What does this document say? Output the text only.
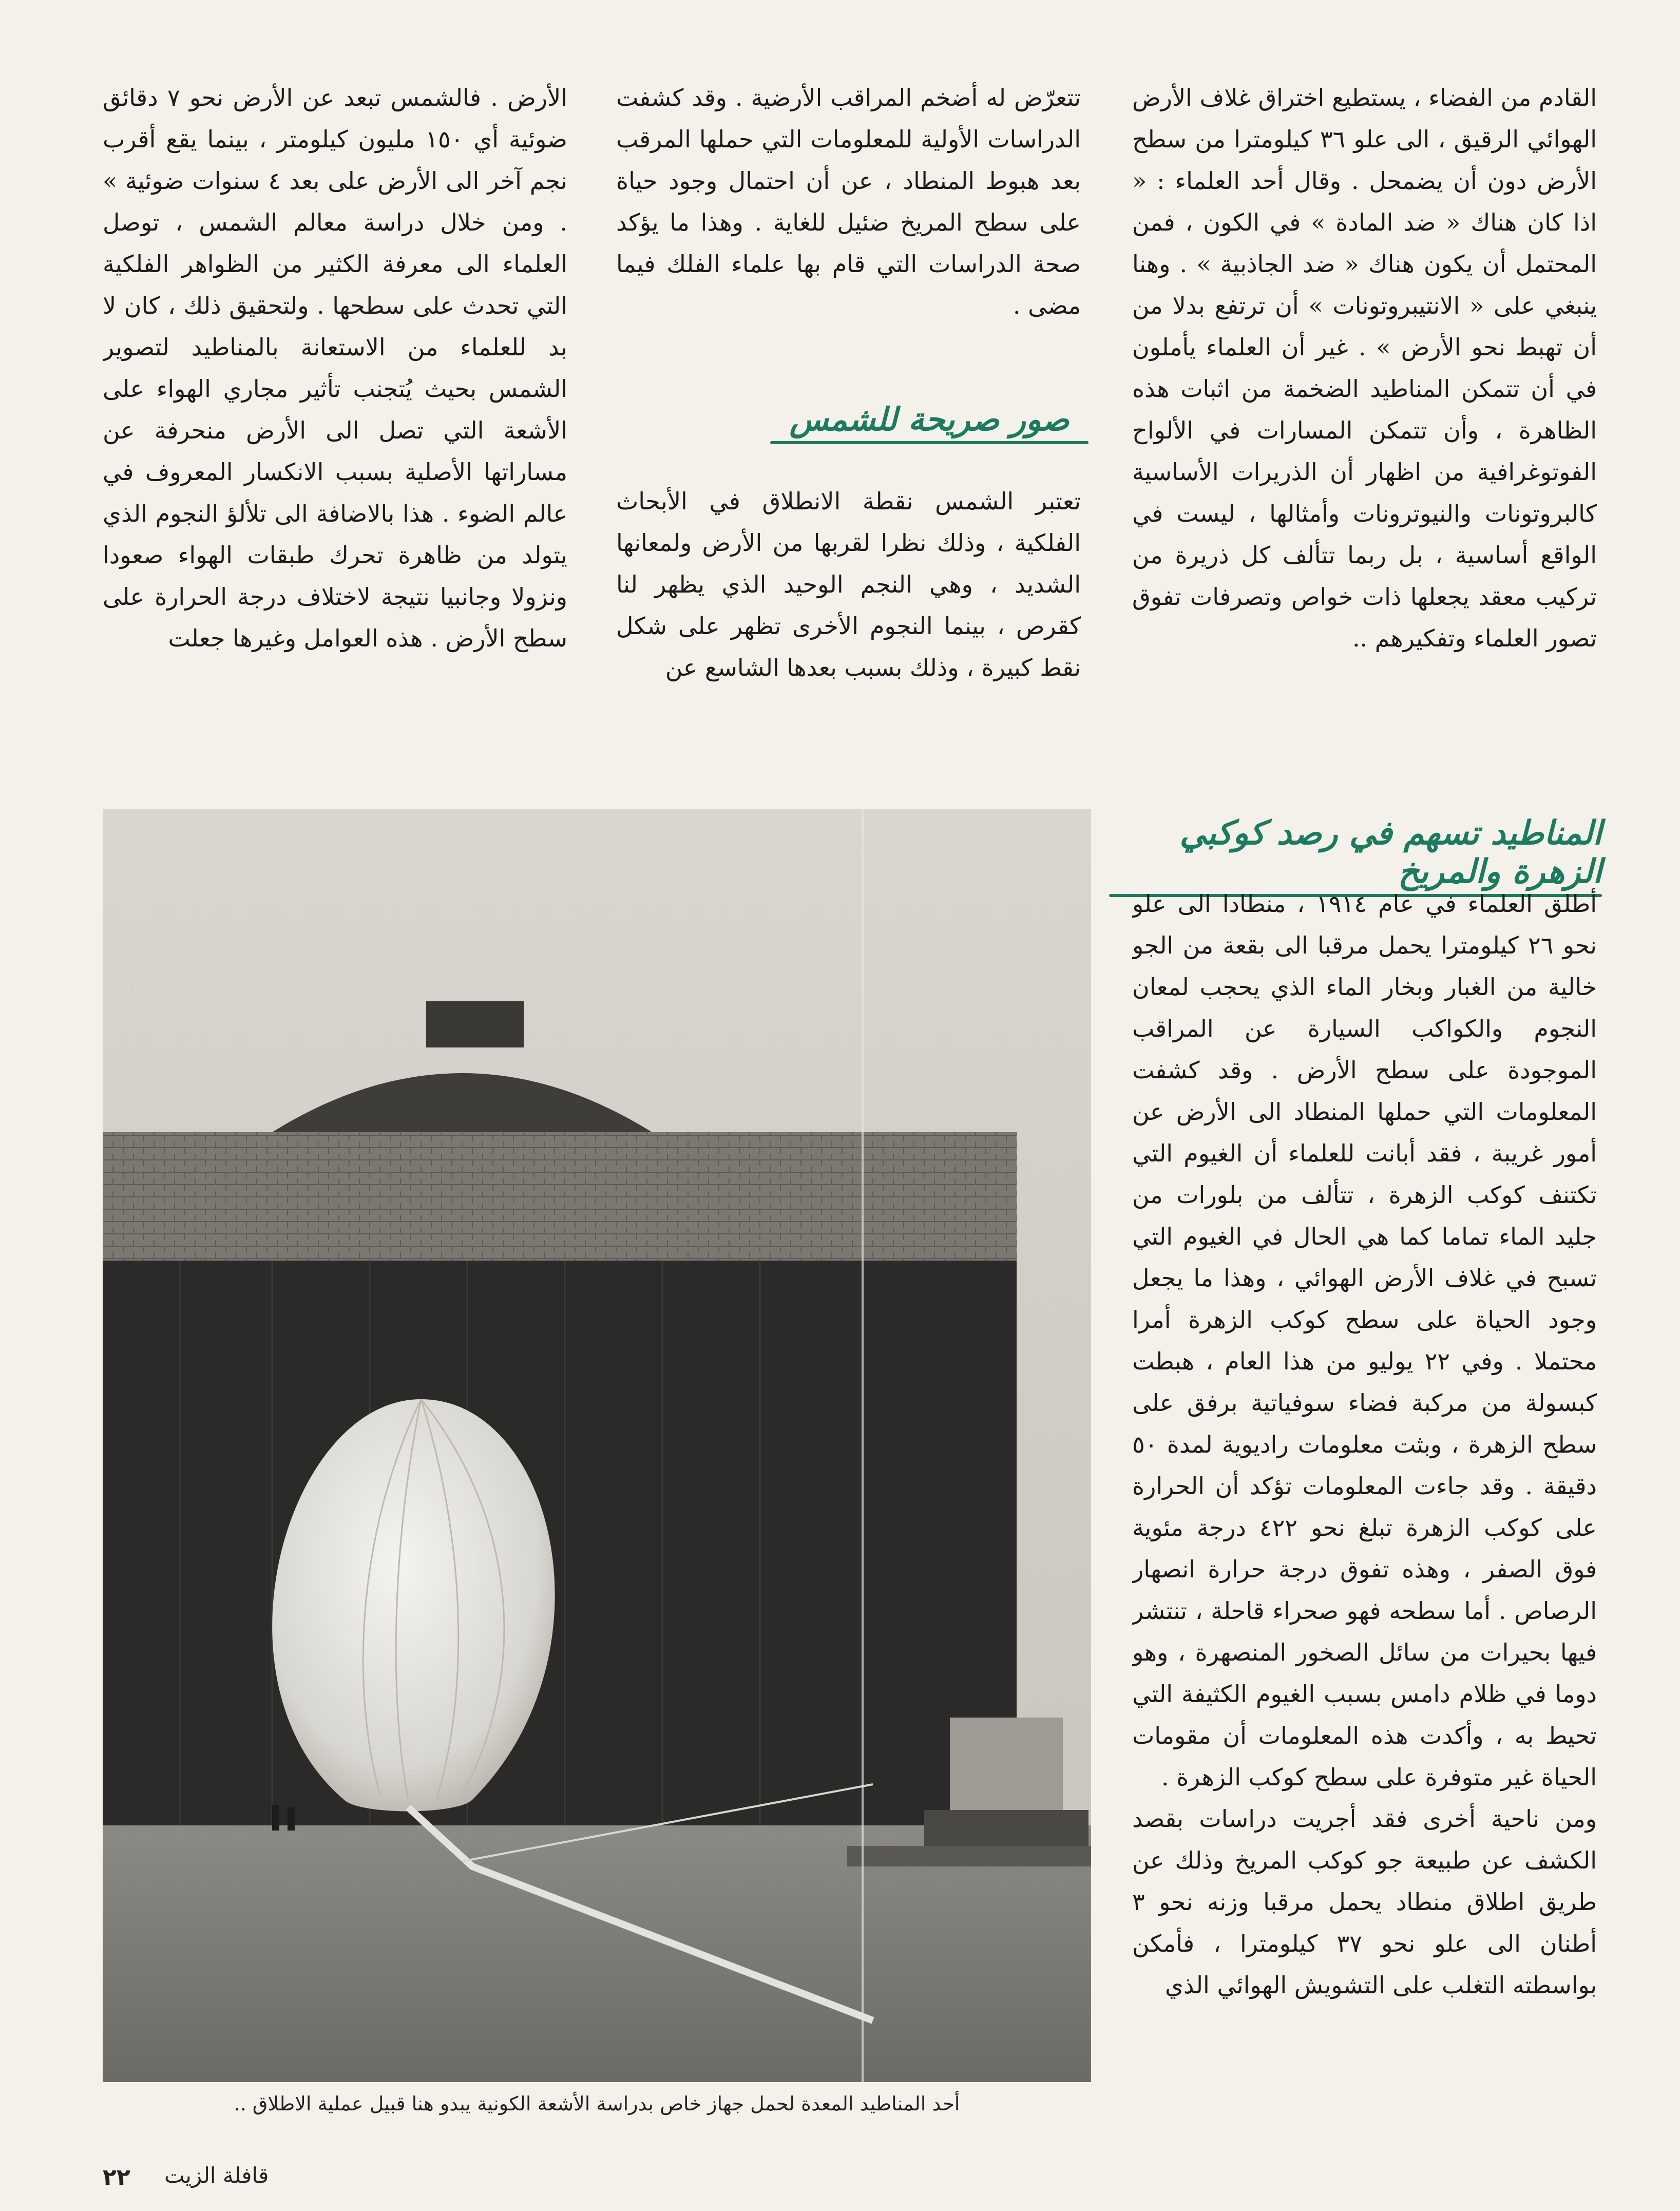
القادم من الفضاء ، يستطيع اختراق غلاف الأرض الهوائي الرقيق ، الى علو ٣٦ كيلومترا من سطح الأرض دون أن يضمحل . وقال أحد العلماء : « اذا كان هناك « ضد المادة » في الكون ، فمن المحتمل أن يكون هناك « ضد الجاذبية » . وهنا ينبغي على « الانتيبروتونات » أن ترتفع بدلا من أن تهبط نحو الأرض » . غير أن العلماء يأملون في أن تتمكن المناطيد الضخمة من اثبات هذه الظاهرة ، وأن تتمكن المسارات في الألواح الفوتوغرافية من اظهار أن الذريرات الأساسية كالبروتونات والنيوترونات وأمثالها ، ليست في الواقع أساسية ، بل ربما تتألف كل ذريرة من تركيب معقد يجعلها ذات خواص وتصرفات تفوق تصور العلماء وتفكيرهم ..

تتعرّض له أضخم المراقب الأرضية . وقد كشفت الدراسات الأولية للمعلومات التي حملها المرقب بعد هبوط المنطاد ، عن أن احتمال وجود حياة على سطح المريخ ضئيل للغاية . وهذا ما يؤكد صحة الدراسات التي قام بها علماء الفلك فيما مضى .

تعتبر الشمس نقطة الانطلاق في الأبحاث الفلكية ، وذلك نظرا لقربها من الأرض ولمعانها الشديد ، وهي النجم الوحيد الذي يظهر لنا كقرص ، بينما النجوم الأخرى تظهر على شكل نقط كبيرة ، وذلك بسبب بعدها الشاسع عن

صور صريحة للشمس

الأرض . فالشمس تبعد عن الأرض نحو ٧ دقائق ضوئية أي ١٥٠ مليون كيلومتر ، بينما يقع أقرب نجم آخر الى الأرض على بعد ٤ سنوات ضوئية » . ومن خلال دراسة معالم الشمس ، توصل العلماء الى معرفة الكثير من الظواهر الفلكية التي تحدث على سطحها . ولتحقيق ذلك ، كان لا بد للعلماء من الاستعانة بالمناطيد لتصوير الشمس بحيث يُتجنب تأثير مجاري الهواء على الأشعة التي تصل الى الأرض منحرفة عن مساراتها الأصلية بسبب الانكسار المعروف في عالم الضوء . هذا بالاضافة الى تلألؤ النجوم الذي يتولد من ظاهرة تحرك طبقات الهواء صعودا ونزولا وجانبيا نتيجة لاختلاف درجة الحرارة على سطح الأرض . هذه العوامل وغيرها جعلت

المناطيد تسهم في رصد كوكبي الزهرة والمريخ

أطلق العلماء في عام ١٩١٤ ، منطادا الى علو نحو ٢٦ كيلومترا يحمل مرقبا الى بقعة من الجو خالية من الغبار وبخار الماء الذي يحجب لمعان النجوم والكواكب السيارة عن المراقب الموجودة على سطح الأرض . وقد كشفت المعلومات التي حملها المنطاد الى الأرض عن أمور غريبة ، فقد أبانت للعلماء أن الغيوم التي تكتنف كوكب الزهرة ، تتألف من بلورات من جليد الماء تماما كما هي الحال في الغيوم التي تسبح في غلاف الأرض الهوائي ، وهذا ما يجعل وجود الحياة على سطح كوكب الزهرة أمرا محتملا . وفي ٢٢ يوليو من هذا العام ، هبطت كبسولة من مركبة فضاء سوفياتية برفق على سطح الزهرة ، وبثت معلومات راديوية لمدة ٥٠ دقيقة . وقد جاءت المعلومات تؤكد أن الحرارة على كوكب الزهرة تبلغ نحو ٤٢٢ درجة مئوية فوق الصفر ، وهذه تفوق درجة حرارة انصهار الرصاص . أما سطحه فهو صحراء قاحلة ، تنتشر فيها بحيرات من سائل الصخور المنصهرة ، وهو دوما في ظلام دامس بسبب الغيوم الكثيفة التي تحيط به ، وأكدت هذه المعلومات أن مقومات الحياة غير متوفرة على سطح كوكب الزهرة .

ومن ناحية أخرى فقد أجريت دراسات بقصد الكشف عن طبيعة جو كوكب المريخ وذلك عن طريق اطلاق منطاد يحمل مرقبا وزنه نحو ٣ أطنان الى علو نحو ٣٧ كيلومترا ، فأمكن بواسطته التغلب على التشويش الهوائي الذي

أحد المناطيد المعدة لحمل جهاز خاص بدراسة الأشعة الكونية يبدو هنا قبيل عملية الاطلاق ..
٢٢ قافلة الزيت
